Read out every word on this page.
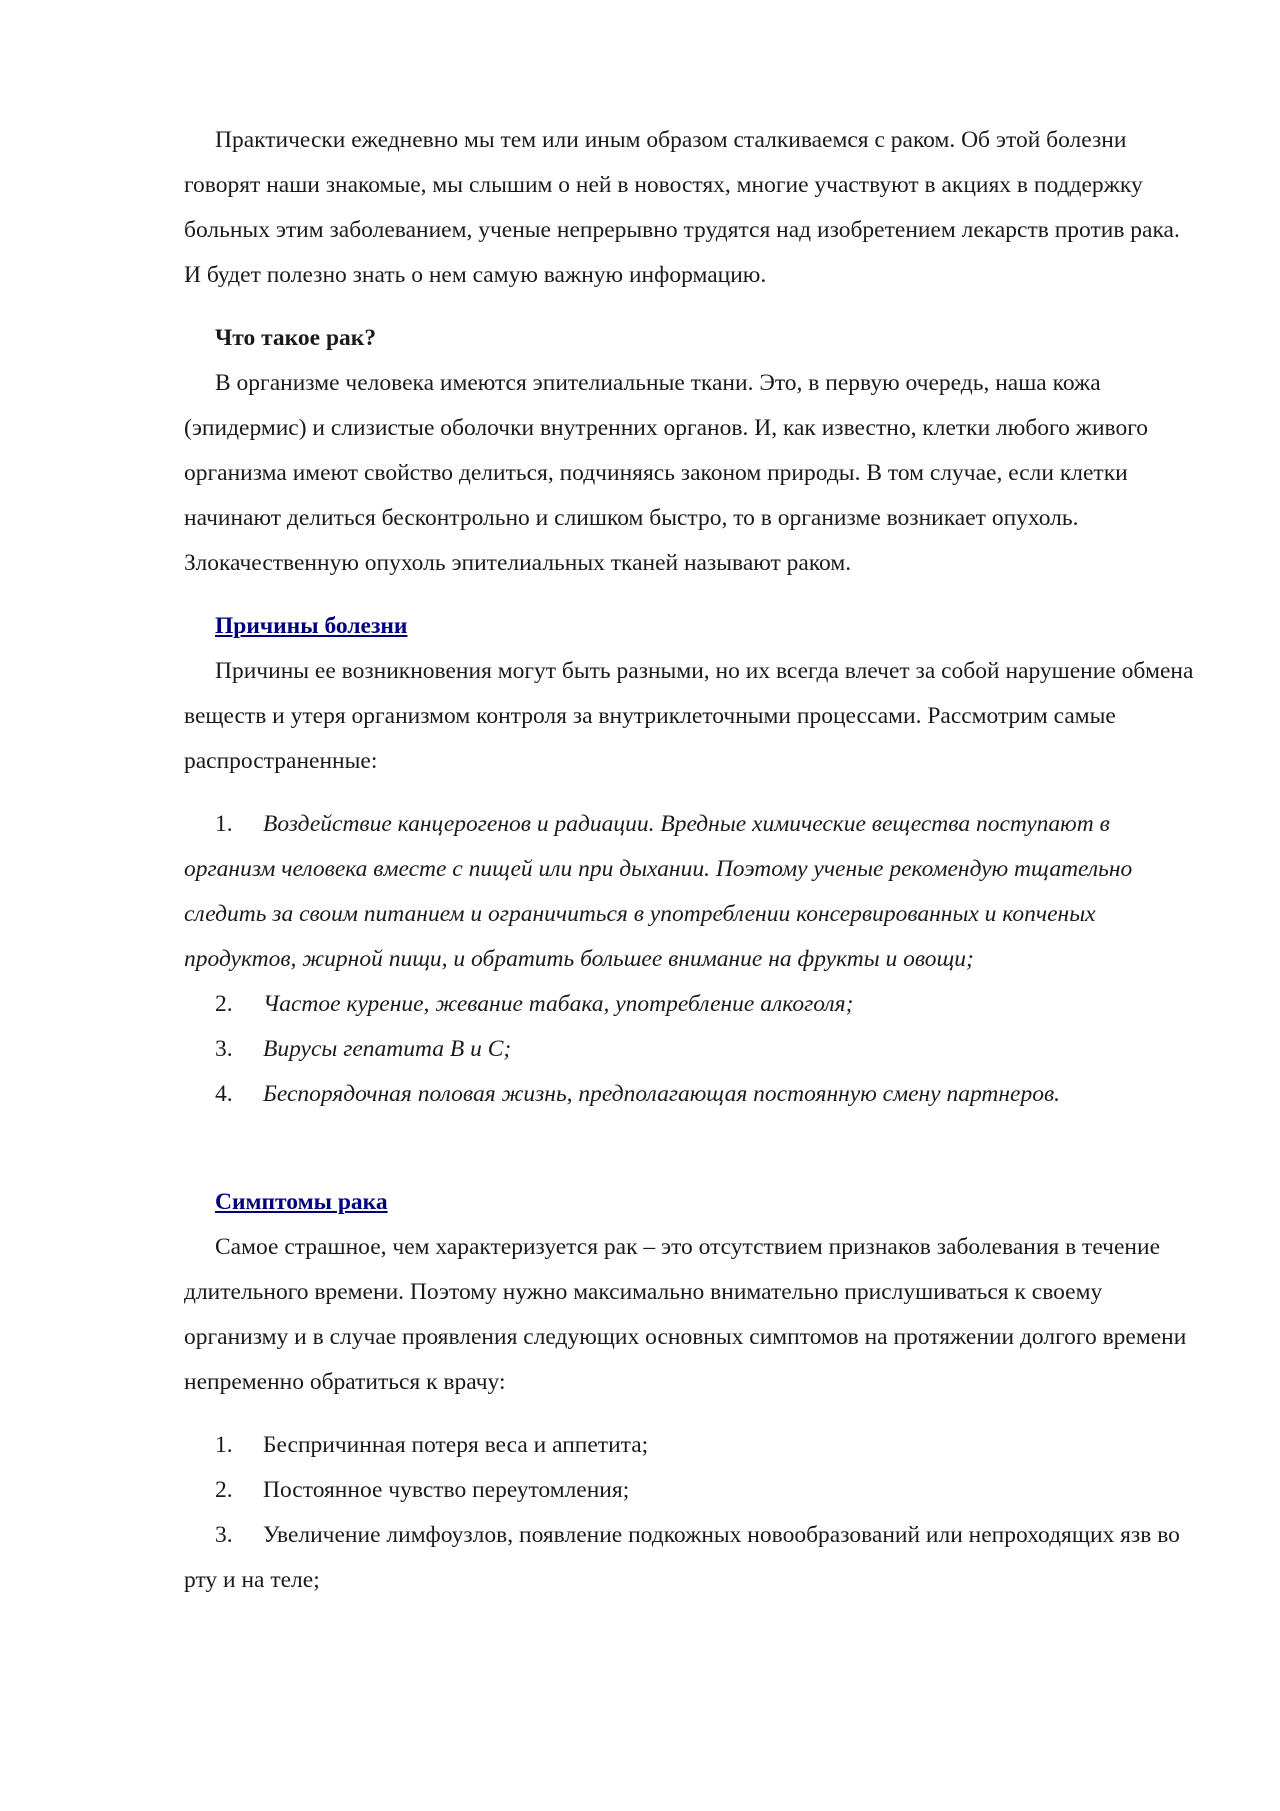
Практически ежедневно мы тем или иным образом сталкиваемся с раком. Об этой болезни говорят наши знакомые, мы слышим о ней в новостях, многие участвуют в акциях в поддержку больных этим заболеванием, ученые непрерывно трудятся над изобретением лекарств против рака. И будет полезно знать о нем самую важную информацию.

Что такое рак?

В организме человека имеются эпителиальные ткани. Это, в первую очередь, наша кожа (эпидермис) и слизистые оболочки внутренних органов. И, как известно, клетки любого живого организма имеют свойство делиться, подчиняясь законом природы. В том случае, если клетки начинают делиться бесконтрольно и слишком быстро, то в организме возникает опухоль. Злокачественную опухоль эпителиальных тканей называют раком.

Причины болезни

Причины ее возникновения могут быть разными, но их всегда влечет за собой нарушение обмена веществ и утеря организмом контроля за внутриклеточными процессами. Рассмотрим самые распространенные:

1. Воздействие канцерогенов и радиации. Вредные химические вещества поступают в организм человека вместе с пищей или при дыхании. Поэтому ученые рекомендую тщательно следить за своим питанием и ограничиться в употреблении консервированных и копченых продуктов, жирной пищи, и обратить большее внимание на фрукты и овощи;
2. Частое курение, жевание табака, употребление алкоголя;
3. Вирусы гепатита В и С;
4. Беспорядочная половая жизнь, предполагающая постоянную смену партнеров.

Симптомы рака

Самое страшное, чем характеризуется рак – это отсутствием признаков заболевания в течение длительного времени. Поэтому нужно максимально внимательно прислушиваться к своему организму и в случае проявления следующих основных симптомов на протяжении долгого времени непременно обратиться к врачу:

1. Беспричинная потеря веса и аппетита;
2. Постоянное чувство переутомления;
3. Увеличение лимфоузлов, появление подкожных новообразований или непроходящих язв во рту и на теле;
